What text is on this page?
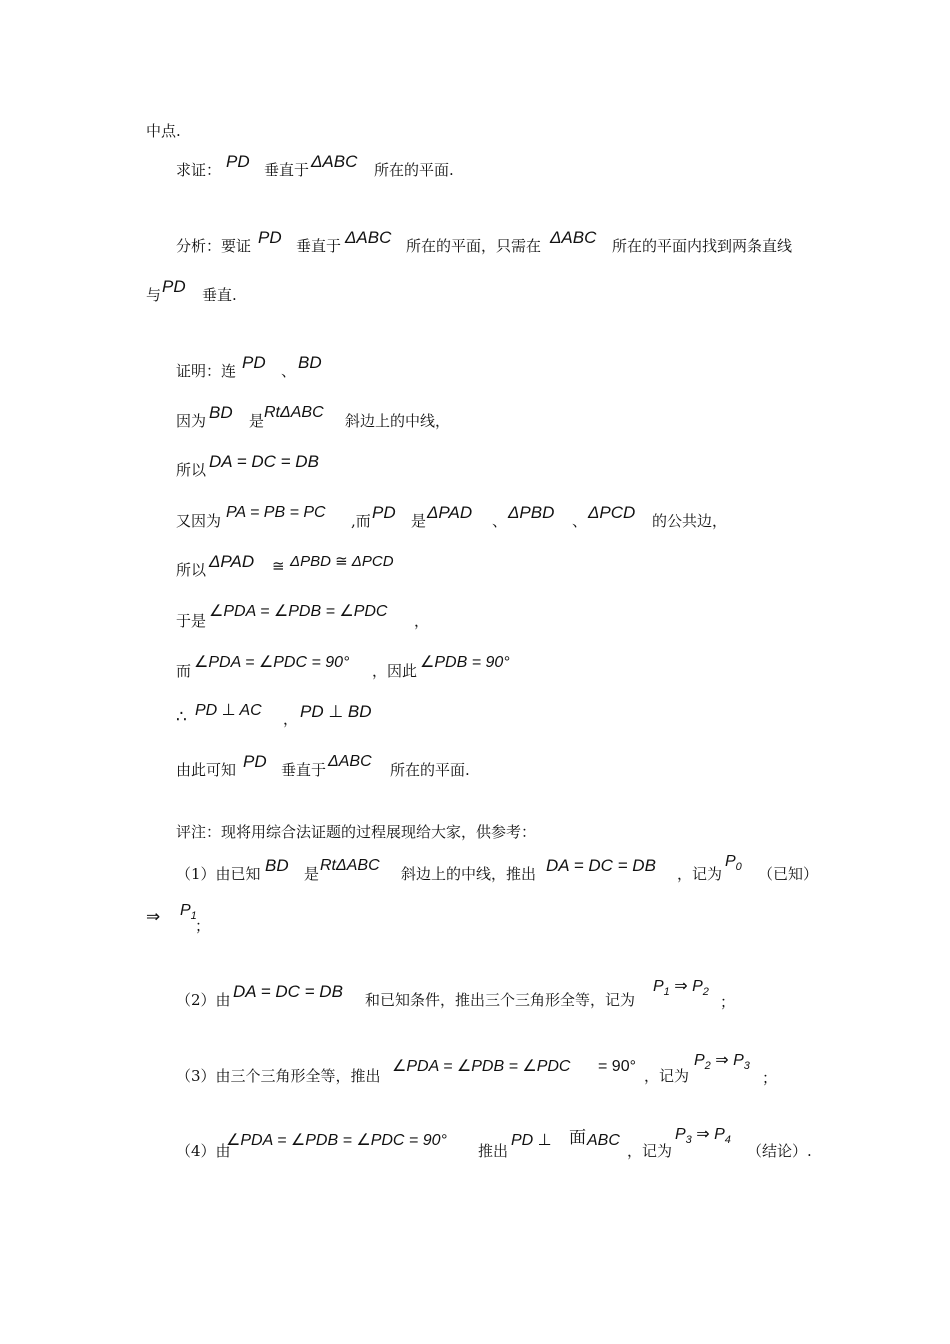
中点.
求证： PD 垂直于 ΔABC 所在的平面.
分析：要证 PD 垂直于 ΔABC 所在的平面，只需在 ΔABC 所在的平面内找到两条直线
与 PD 垂直.
证明：连 PD 、 BD
因为 BD 是 RtΔABC 斜边上的中线，
所以 DA = DC = DB
又因为 PA = PB = PC ,而 PD 是 ΔPAD 、 ΔPBD 、 ΔPCD 的公共边，
所以 ΔPAD ≅ ΔPBD ≅ ΔPCD
于是
∠PDA = ∠PDB = ∠PDC
，
而 ∠PDA = ∠PDC = 90° ，因此 ∠PDB = 90°
∴ PD ⊥ AC ， PD ⊥ BD
由此可知 PD 垂直于 ΔABC 所在的平面.
评注：现将用综合法证题的过程展现给大家，供参考：
（1）由已知 BD 是 RtΔABC 斜边上的中线，推出 DA = DC = DB ，记为
$P_0$ （已知）
⇒ $P_1$
；
（2）由 DA = DC = DB 和已知条件，推出三个三角形全等，记为
$P_1$ ⇒ $P_2$
；
（3）由三个三角形全等，推出
∠PDA = ∠PDB = ∠PDC = 90°
，记为
$P_2$ ⇒ $P_3$
；
（4）由
∠PDA = ∠PDB = ∠PDC = 90°
推出
PD ⊥ 面 ABC
，记为
$P_3$ ⇒ $P_4$
（结论）.
